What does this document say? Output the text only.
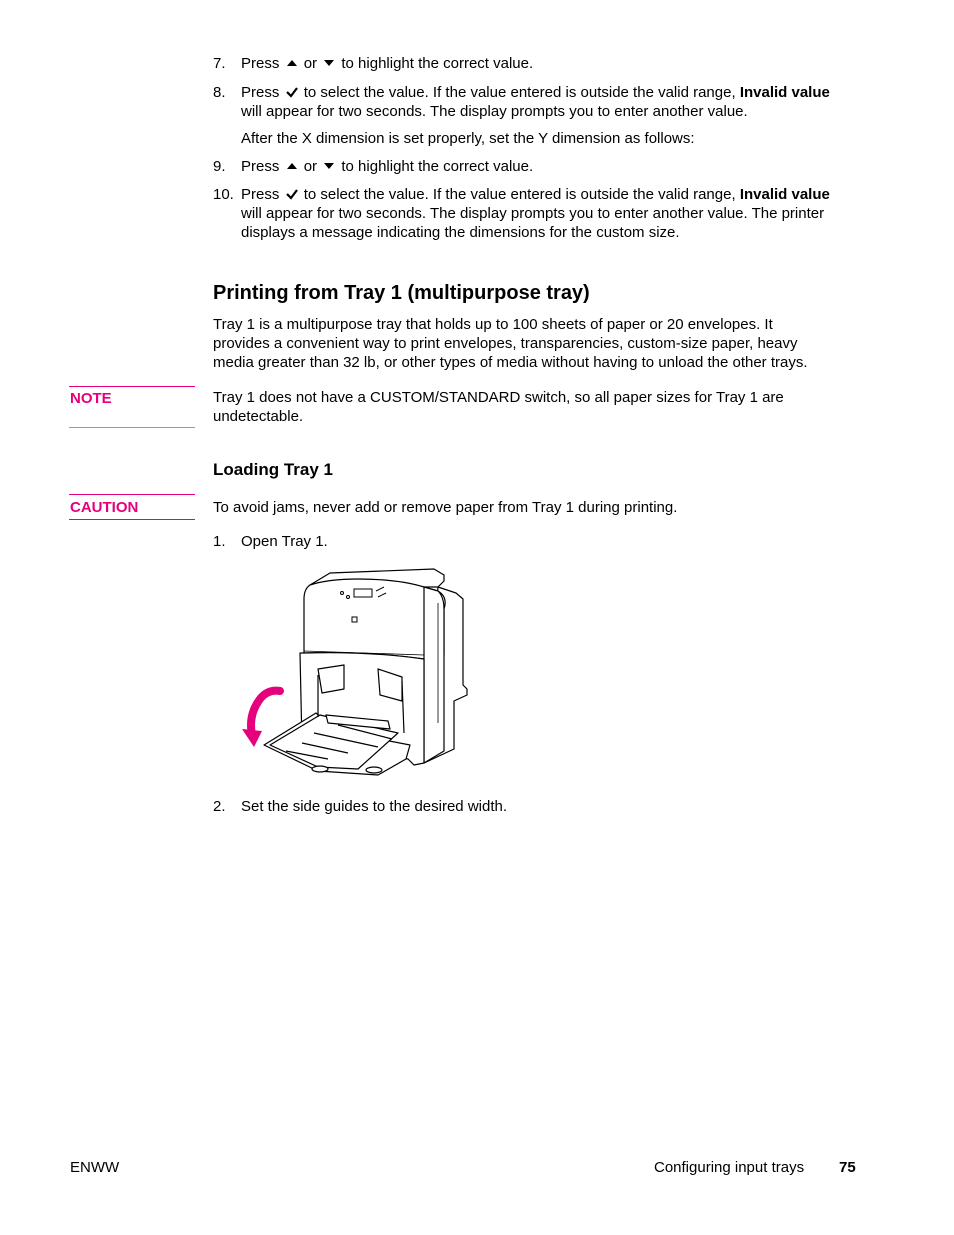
7. Press or to highlight the correct value.
8. Press to select the value. If the value entered is outside the valid range, Invalid value
will appear for two seconds. The display prompts you to enter another value.
After the X dimension is set properly, set the Y dimension as follows:
9. Press or to highlight the correct value.
10. Press to select the value. If the value entered is outside the valid range, Invalid value
will appear for two seconds. The display prompts you to enter another value. The printer
displays a message indicating the dimensions for the custom size.
Printing from Tray 1 (multipurpose tray)
Tray 1 is a multipurpose tray that holds up to 100 sheets of paper or 20 envelopes. It
provides a convenient way to print envelopes, transparencies, custom-size paper, heavy
media greater than 32 lb, or other types of media without having to unload the other trays.
NOTE	Tray 1 does not have a CUSTOM/STANDARD switch, so all paper sizes for Tray 1 are
undetectable.
Loading Tray 1
CAUTION	To avoid jams, never add or remove paper from Tray 1 during printing.
1. Open Tray 1.
2. Set the side guides to the desired width.
ENWW	Configuring input trays 75
